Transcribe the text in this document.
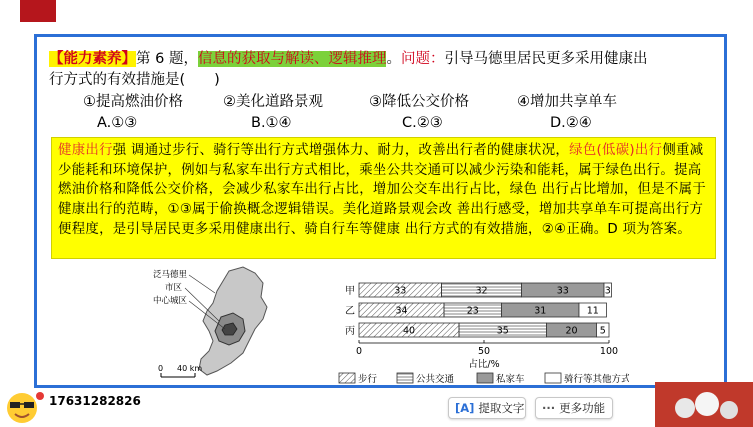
【能力素养】第 6 题，信息的获取与解读、逻辑推理。问题：引导马德里居民更多采用健康出
行方式的有效措施是(　　)
①提高燃油价格	②美化道路景观	③降低公交价格	④增加共享单车
A.①③	B.①④	C.②③	D.②④
健康出行强 调通过步行、骑行等出行方式增强体力、耐力，改善出行者的健康状况，绿色(低碳)出行侧重减少能耗和环境保护，例如与私家车出行方式相比，乘坐公共交通可以减少污染和能耗，属于绿色出行。提高燃油价格和降低公交价格，会减少私家车出行占比，增加公交车出行占比，绿色 出行占比增加，但是不属于健康出行的范畴，①③属于偷换概念逻辑错误。美化道路景观会改 善出行感受，增加共享单车可提高出行方便程度，是引导居民更多采用健康出行、骑自行车等健康 出行方式的有效措施，②④正确。D 项为答案。
泛马德里
市区
中心城区
0 40 km
甲	33	32	33	3
乙	34	23	31	11
丙	40	35	20 5
0	50	100
占比/%
步行	公共交通	私家车	骑行等其他方式
17631282826	[A] 提取文字	··· 更多功能
